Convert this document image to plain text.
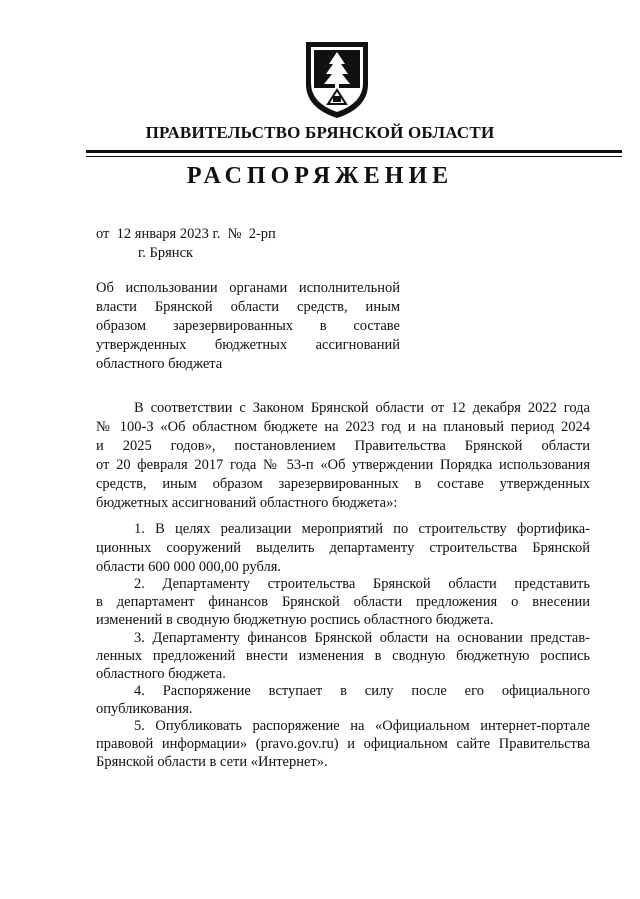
ПРАВИТЕЛЬСТВО БРЯНСКОЙ ОБЛАСТИ
РАСПОРЯЖЕНИЕ
от  12 января 2023 г.  №  2-рп
г. Брянск
Об использовании органами исполнительной
власти Брянской области средств, иным
образом зарезервированных в составе
утвержденных бюджетных ассигнований
областного бюджета
В соответствии с Законом Брянской области от 12 декабря 2022 года
№ 100-З «Об областном бюджете на 2023 год и на плановый период 2024
и 2025 годов», постановлением Правительства Брянской области
от 20 февраля 2017 года № 53-п «Об утверждении Порядка использования
средств, иным образом зарезервированных в составе утвержденных
бюджетных ассигнований областного бюджета»:
1. В целях реализации мероприятий по строительству фортифика-
ционных сооружений выделить департаменту строительства Брянской
области 600 000 000,00 рубля.
2. Департаменту строительства Брянской области представить
в департамент финансов Брянской области предложения о внесении
изменений в сводную бюджетную роспись областного бюджета.
3. Департаменту финансов Брянской области на основании представ-
ленных предложений внести изменения в сводную бюджетную роспись
областного бюджета.
4. Распоряжение вступает в силу после его официального
опубликования.
5. Опубликовать распоряжение на «Официальном интернет-портале
правовой информации» (pravo.gov.ru) и официальном сайте Правительства
Брянской области в сети «Интернет».
